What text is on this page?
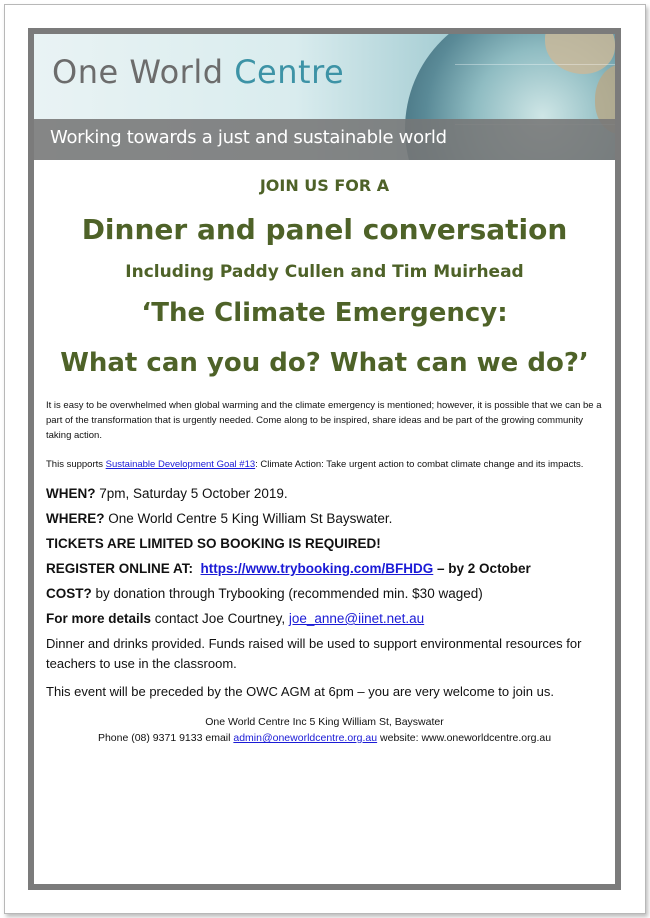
One World Centre
Working towards a just and sustainable world
JOIN US FOR A
Dinner and panel conversation
Including Paddy Cullen and Tim Muirhead
‘The Climate Emergency:
What can you do? What can we do?’
It is easy to be overwhelmed when global warming and the climate emergency is mentioned; however, it is possible that we can be a part of the transformation that is urgently needed. Come along to be inspired, share ideas and be part of the growing community taking action.
This supports Sustainable Development Goal #13: Climate Action: Take urgent action to combat climate change and its impacts.
WHEN? 7pm, Saturday 5 October 2019.
WHERE? One World Centre 5 King William St Bayswater.
TICKETS ARE LIMITED SO BOOKING IS REQUIRED!
REGISTER ONLINE AT: https://www.trybooking.com/BFHDG – by 2 October
COST? by donation through Trybooking (recommended min. $30 waged)
For more details contact Joe Courtney, joe_anne@iinet.net.au
Dinner and drinks provided. Funds raised will be used to support environmental resources for teachers to use in the classroom.
This event will be preceded by the OWC AGM at 6pm – you are very welcome to join us.
One World Centre Inc 5 King William St, Bayswater
Phone (08) 9371 9133 email admin@oneworldcentre.org.au website: www.oneworldcentre.org.au
